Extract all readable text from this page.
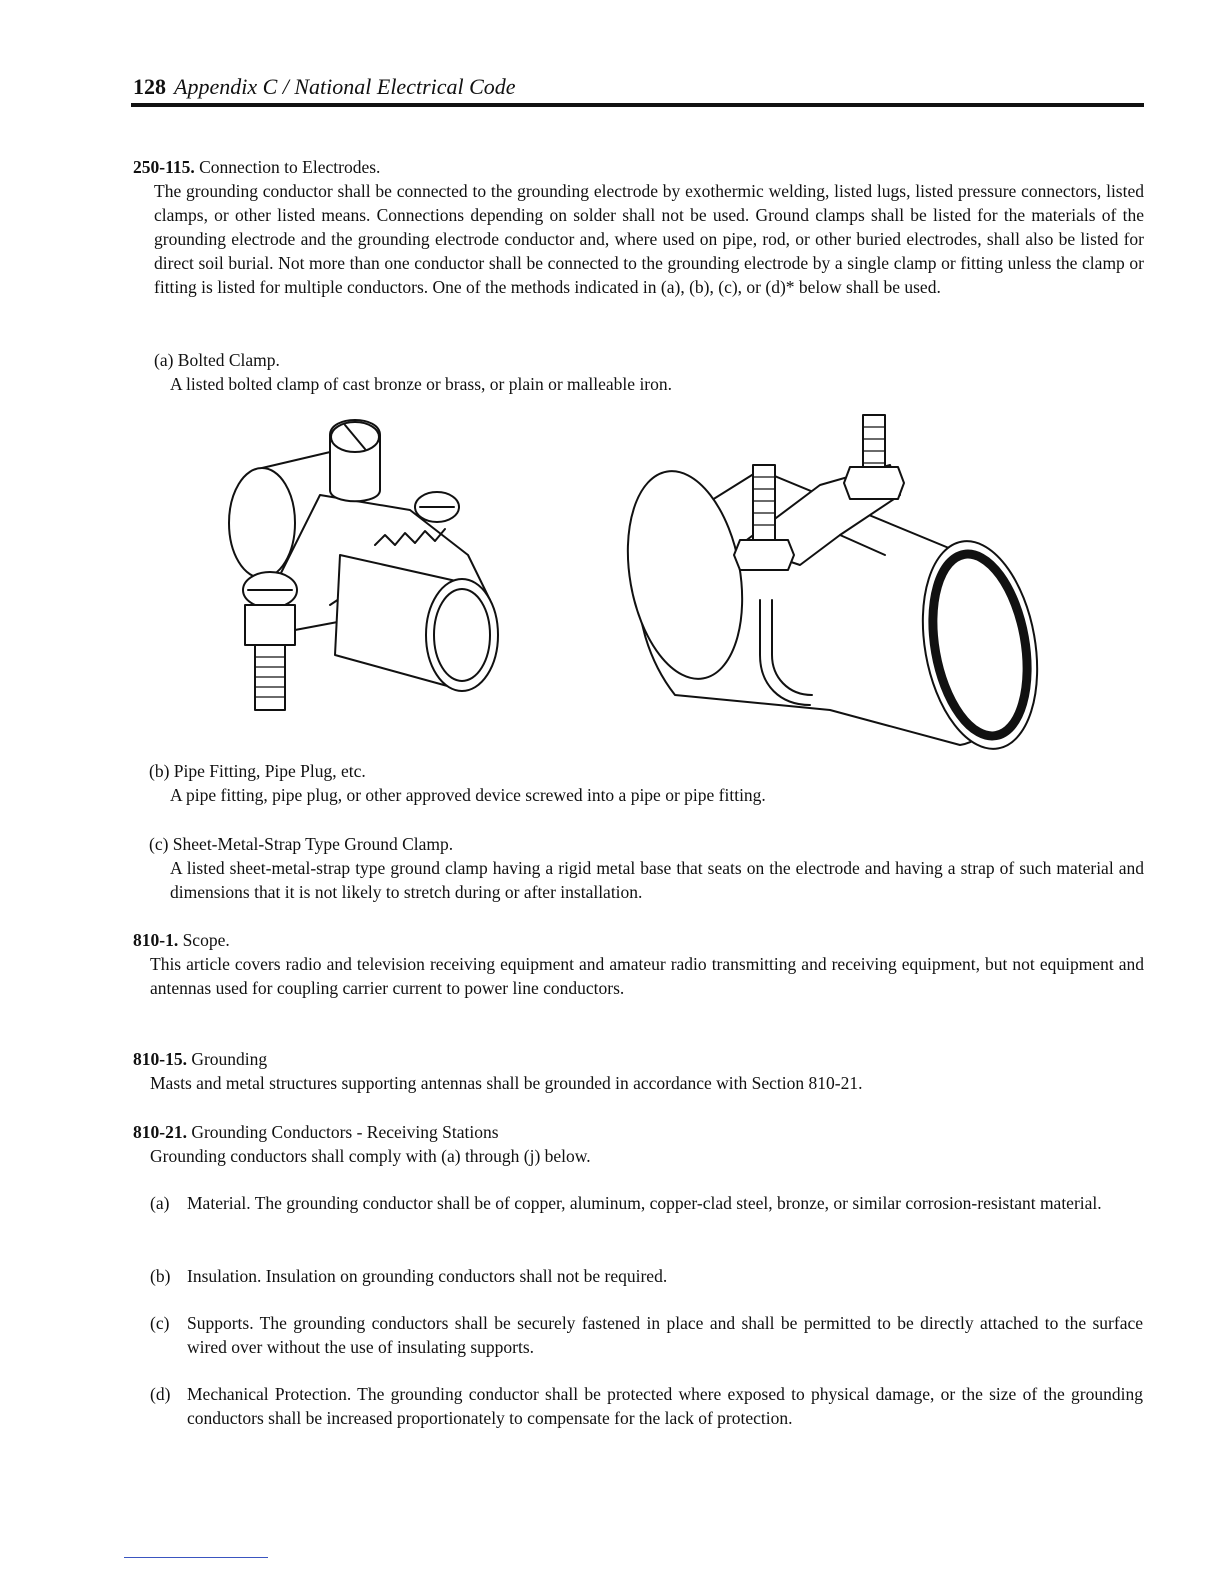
128 Appendix C / National Electrical Code
250-115. Connection to Electrodes.

The grounding conductor shall be connected to the grounding electrode by exothermic welding, listed lugs, listed pressure connectors, listed clamps, or other listed means. Connections depending on solder shall not be used. Ground clamps shall be listed for the materials of the grounding electrode and the grounding electrode conductor and, where used on pipe, rod, or other buried electrodes, shall also be listed for direct soil burial. Not more than one conductor shall be connected to the grounding electrode by a single clamp or fitting unless the clamp or fitting is listed for multiple conductors. One of the methods indicated in (a), (b), (c), or (d)* below shall be used.

(a) Bolted Clamp.

A listed bolted clamp of cast bronze or brass, or plain or malleable iron.

(b) Pipe Fitting, Pipe Plug, etc.

A pipe fitting, pipe plug, or other approved device screwed into a pipe or pipe fitting.

(c) Sheet-Metal-Strap Type Ground Clamp.

A listed sheet-metal-strap type ground clamp having a rigid metal base that seats on the electrode and having a strap of such material and dimensions that it is not likely to stretch during or after installation.

810-1. Scope.

This article covers radio and television receiving equipment and amateur radio transmitting and receiving equipment, but not equipment and antennas used for coupling carrier current to power line conductors.

810-15. Grounding

Masts and metal structures supporting antennas shall be grounded in accordance with Section 810-21.

810-21. Grounding Conductors - Receiving Stations

Grounding conductors shall comply with (a) through (j) below.

(a) Material. The grounding conductor shall be of copper, aluminum, copper-clad steel, bronze, or similar corrosion-resistant material.
(b) Insulation. Insulation on grounding conductors shall not be required.
(c) Supports. The grounding conductors shall be securely fastened in place and shall be permitted to be directly attached to the surface wired over without the use of insulating supports.
(d) Mechanical Protection. The grounding conductor shall be protected where exposed to physical damage, or the size of the grounding conductors shall be increased proportionately to compensate for the lack of protection.
